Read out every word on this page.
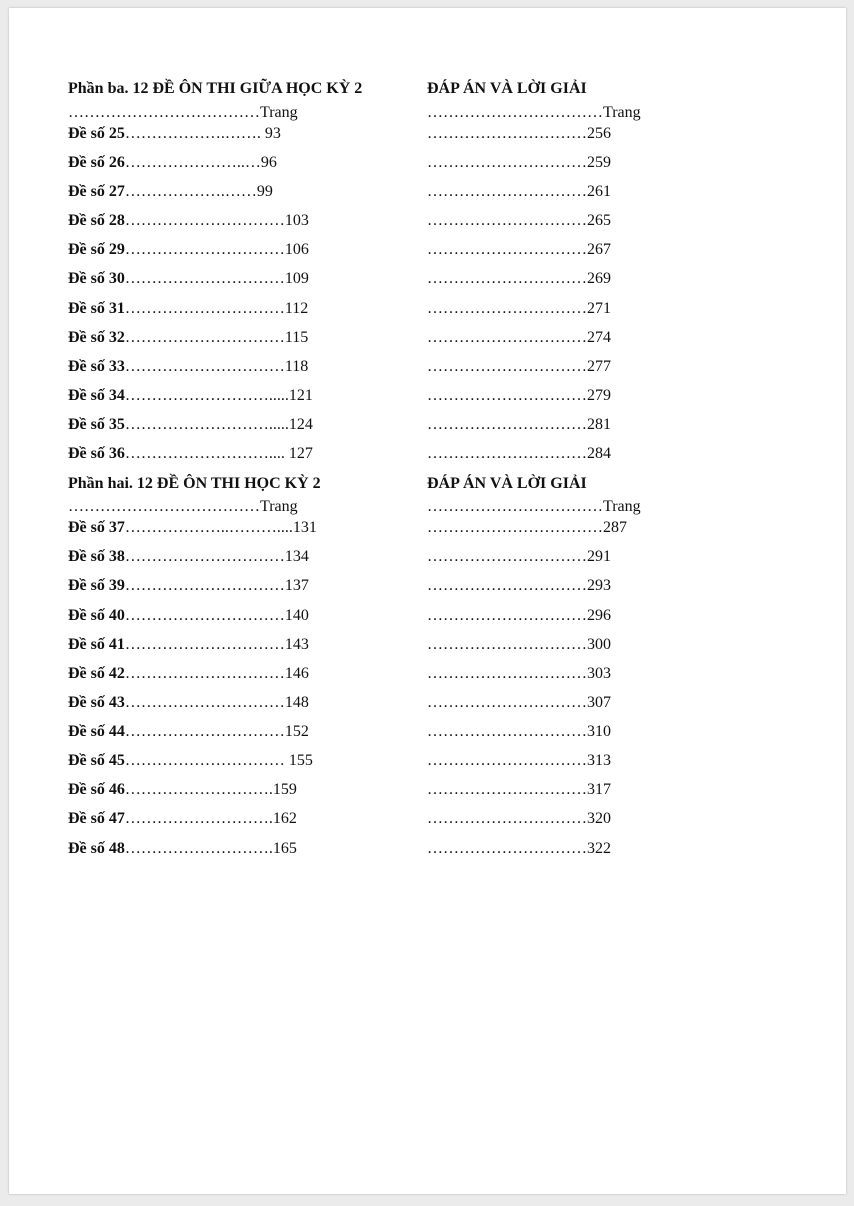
Phần ba. 12 ĐỀ ÔN THI GIỮA HỌC KỲ 2
………………………………Trang
Đề số 25……………….……. 93
Đề số 26…………………..…96
Đề số 27……………….……99
Đề số 28…………………………103
Đề số 29…………………………106
Đề số 30…………………………109
Đề số 31…………………………112
Đề số 32…………………………115
Đề số 33…………………………118
Đề số 34……………………….....121
Đề số 35……………………….....124
Đề số 36……………………….... 127
Phần hai. 12 ĐỀ ÔN THI HỌC KỲ 2
………………………………Trang
Đề số 37………………..………....131
Đề số 38…………………………134
Đề số 39…………………………137
Đề số 40…………………………140
Đề số 41…………………………143
Đề số 42…………………………146
Đề số 43…………………………148
Đề số 44…………………………152
Đề số 45………………………… 155
Đề số 46……………………….159
Đề số 47……………………….162
Đề số 48……………………….165
ĐÁP ÁN VÀ LỜI GIẢI
……………………………Trang
…………………………256
…………………………259
…………………………261
…………………………265
…………………………267
…………………………269
…………………………271
…………………………274
…………………………277
…………………………279
…………………………281
…………………………284
ĐÁP ÁN VÀ LỜI GIẢI
……………………………Trang
……………………………287
…………………………291
…………………………293
…………………………296
…………………………300
…………………………303
…………………………307
…………………………310
…………………………313
…………………………317
…………………………320
…………………………322
